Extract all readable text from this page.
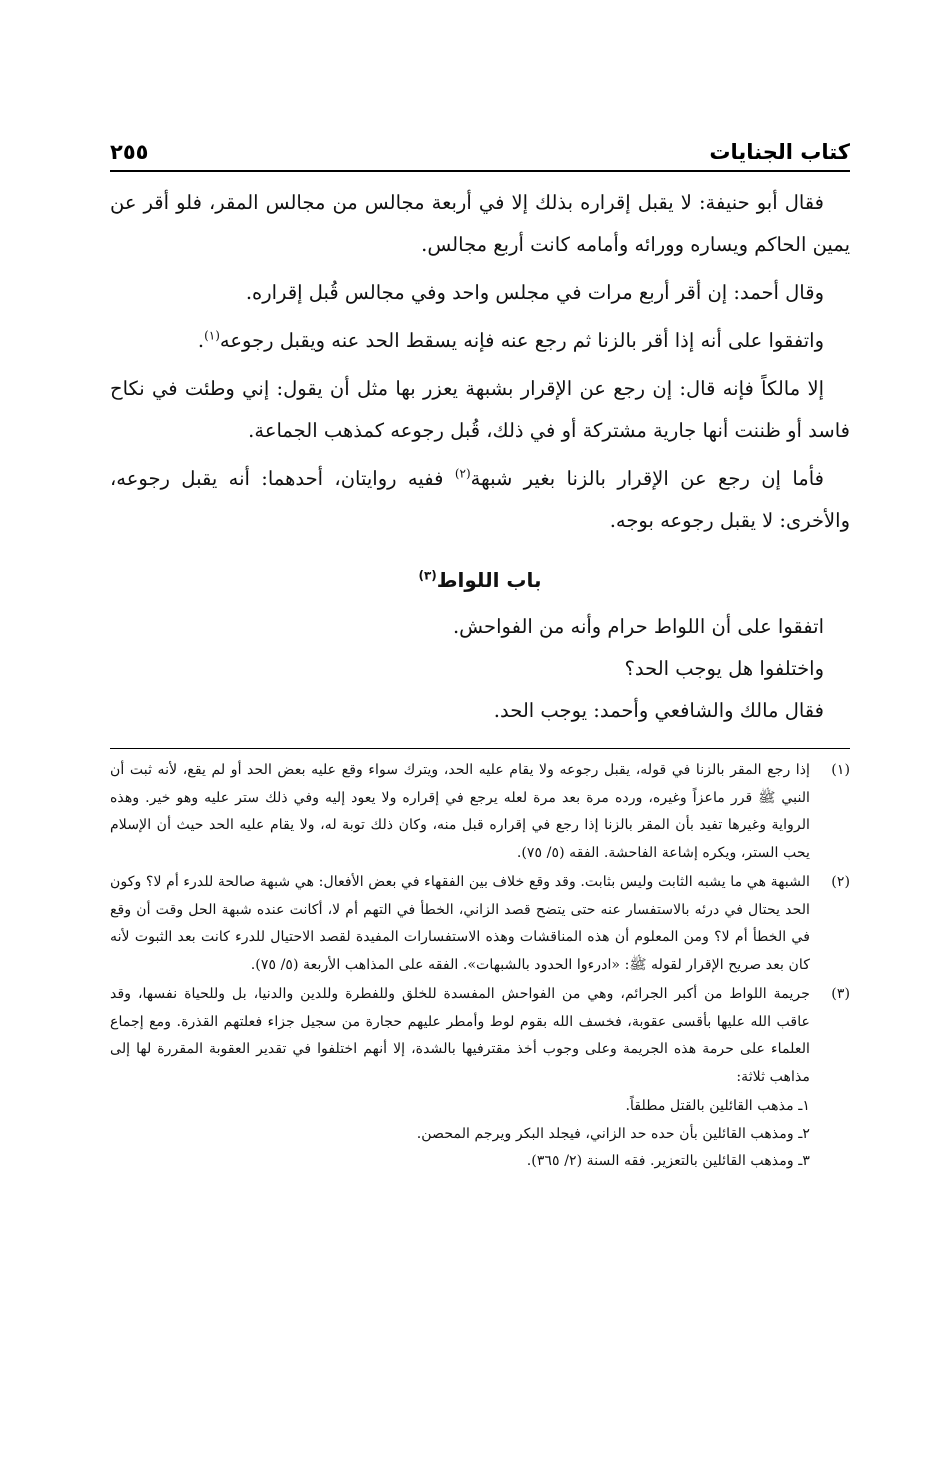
كتاب الجنايات
٢٥٥

فقال أبو حنيفة: لا يقبل إقراره بذلك إلا في أربعة مجالس من مجالس المقر، فلو أقر عن يمين الحاكم ويساره وورائه وأمامه كانت أربع مجالس.

وقال أحمد: إن أقر أربع مرات في مجلس واحد وفي مجالس قُبل إقراره.

واتفقوا على أنه إذا أقر بالزنا ثم رجع عنه فإنه يسقط الحد عنه ويقبل رجوعه$^{(١)}$.

إلا مالكاً فإنه قال: إن رجع عن الإقرار بشبهة يعزر بها مثل أن يقول: إني وطئت في نكاح فاسد أو ظننت أنها جارية مشتركة أو في ذلك، قُبل رجوعه كمذهب الجماعة.

فأما إن رجع عن الإقرار بالزنا بغير شبهة$^{(٢)}$ ففيه روايتان، أحدهما: أنه يقبل رجوعه، والأخرى: لا يقبل رجوعه بوجه.

باب اللواط$^{(٣)}$

اتفقوا على أن اللواط حرام وأنه من الفواحش.

واختلفوا هل يوجب الحد؟

فقال مالك والشافعي وأحمد: يوجب الحد.

(١)
إذا رجع المقر بالزنا في قوله، يقبل رجوعه ولا يقام عليه الحد، ويترك سواء وقع عليه بعض الحد أو لم يقع، لأنه ثبت أن النبي ﷺ قرر ماعزاً وغيره، ورده مرة بعد مرة لعله يرجع في إقراره ولا يعود إليه وفي ذلك ستر عليه وهو خير. وهذه الرواية وغيرها تفيد بأن المقر بالزنا إذا رجع في إقراره قبل منه، وكان ذلك توبة له، ولا يقام عليه الحد حيث أن الإسلام يحب الستر، ويكره إشاعة الفاحشة. الفقه (٥/ ٧٥).
(٢)
الشبهة هي ما يشبه الثابت وليس بثابت. وقد وقع خلاف بين الفقهاء في بعض الأفعال: هي شبهة صالحة للدرء أم لا؟ وكون الحد يحتال في درئه بالاستفسار عنه حتى يتضح قصد الزاني، الخطأ في التهم أم لا، أكانت عنده شبهة الحل وقت أن وقع في الخطأ أم لا؟ ومن المعلوم أن هذه المناقشات وهذه الاستفسارات المفيدة لقصد الاحتيال للدرء كانت بعد الثبوت لأنه كان بعد صريح الإقرار لقوله ﷺ: «ادرءوا الحدود بالشبهات». الفقه على المذاهب الأربعة (٥/ ٧٥).
(٣)
جريمة اللواط من أكبر الجرائم، وهي من الفواحش المفسدة للخلق وللفطرة وللدين والدنيا، بل وللحياة نفسها، وقد عاقب الله عليها بأقسى عقوبة، فخسف الله بقوم لوط وأمطر عليهم حجارة من سجيل جزاء فعلتهم القذرة. ومع إجماع العلماء على حرمة هذه الجريمة وعلى وجوب أخذ مقترفيها بالشدة، إلا أنهم اختلفوا في تقدير العقوبة المقررة لها إلى مذاهب ثلاثة:

١ـ مذهب القائلين بالقتل مطلقاً.

٢ـ ومذهب القائلين بأن حده حد الزاني، فيجلد البكر ويرجم المحصن.

٣ـ ومذهب القائلين بالتعزير. فقه السنة (٢/ ٣٦٥).
